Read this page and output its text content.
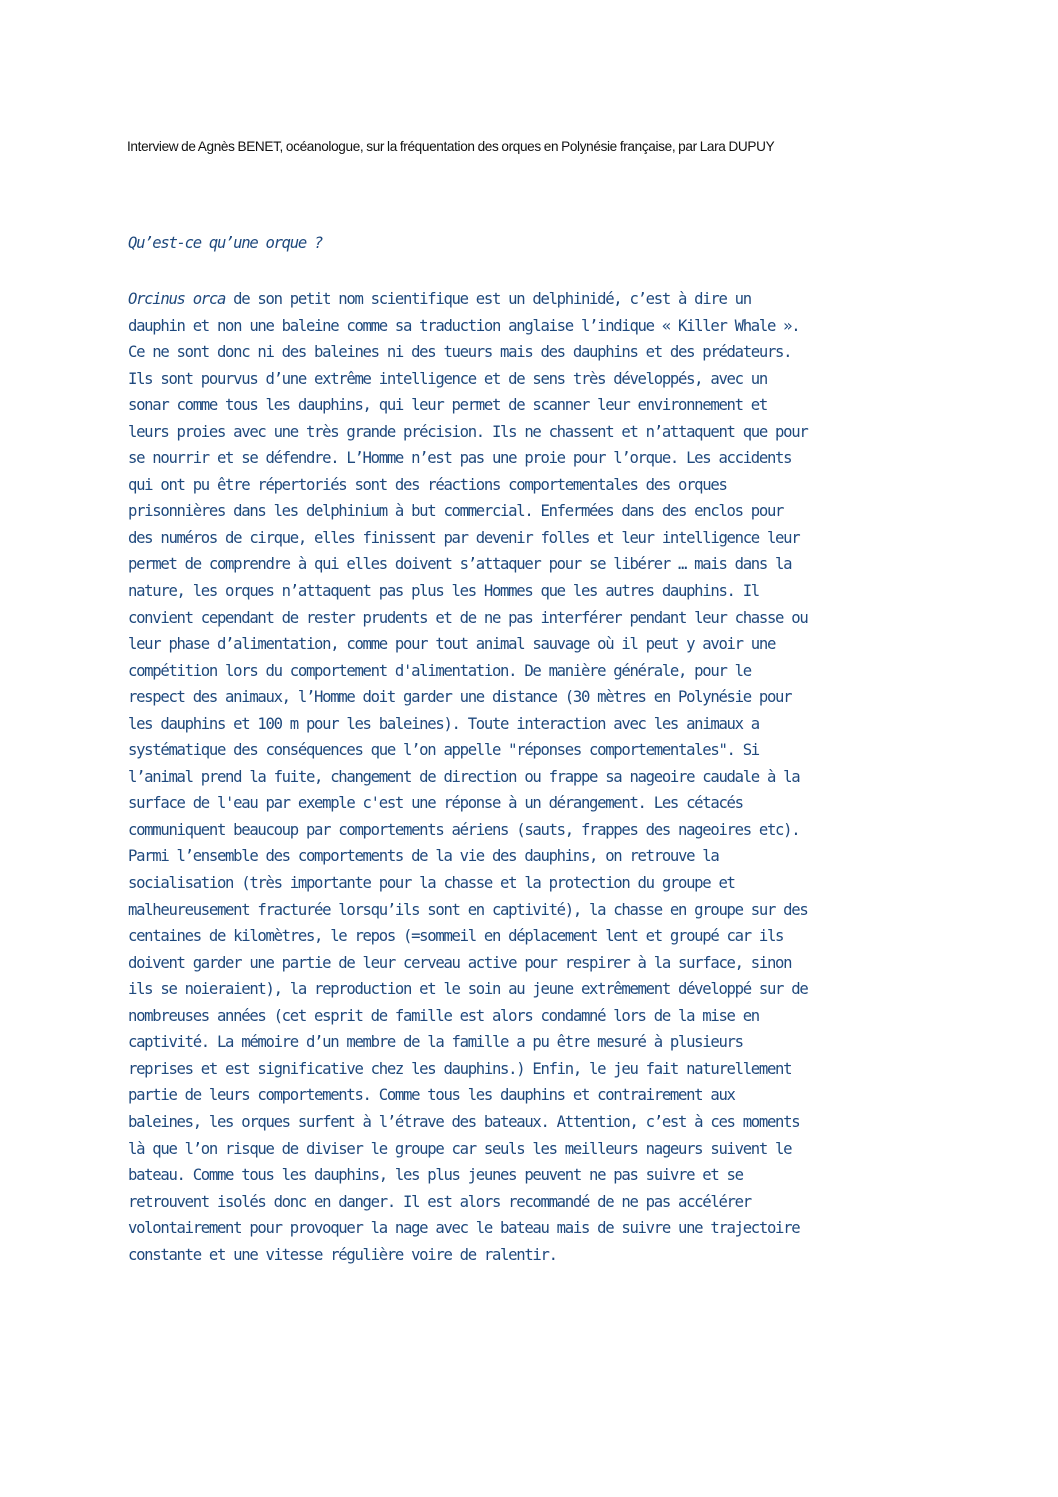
Interview de Agnès BENET, océanologue, sur la fréquentation des orques en Polynésie française, par Lara DUPUY
Qu’est-ce qu’une orque ?
Orcinus orca de son petit nom scientifique est un delphinidé, c’est à dire un
dauphin et non une baleine comme sa traduction anglaise l’indique « Killer Whale ».
Ce ne sont donc ni des baleines ni des tueurs mais des dauphins et des prédateurs.
Ils sont pourvus d’une extrême intelligence et de sens très développés, avec un
sonar comme tous les dauphins, qui leur permet de scanner leur environnement et
leurs proies avec une très grande précision. Ils ne chassent et n’attaquent que pour
se nourrir et se défendre. L’Homme n’est pas une proie pour l’orque. Les accidents
qui ont pu être répertoriés sont des réactions comportementales des orques
prisonnières dans les delphinium à but commercial. Enfermées dans des enclos pour
des numéros de cirque, elles finissent par devenir folles et leur intelligence leur
permet de comprendre à qui elles doivent s’attaquer pour se libérer … mais dans la
nature, les orques n’attaquent pas plus les Hommes que les autres dauphins. Il
convient cependant de rester prudents et de ne pas interférer pendant leur chasse ou
leur phase d’alimentation, comme pour tout animal sauvage où il peut y avoir une
compétition lors du comportement d'alimentation. De manière générale, pour le
respect des animaux, l’Homme doit garder une distance (30 mètres en Polynésie pour
les dauphins et 100 m pour les baleines). Toute interaction avec les animaux a
systématique des conséquences que l’on appelle "réponses comportementales". Si
l’animal prend la fuite, changement de direction ou frappe sa nageoire caudale à la
surface de l'eau par exemple c'est une réponse à un dérangement. Les cétacés
communiquent beaucoup par comportements aériens (sauts, frappes des nageoires etc).
Parmi l’ensemble des comportements de la vie des dauphins, on retrouve la
socialisation (très importante pour la chasse et la protection du groupe et
malheureusement fracturée lorsqu’ils sont en captivité), la chasse en groupe sur des
centaines de kilomètres, le repos (=sommeil en déplacement lent et groupé car ils
doivent garder une partie de leur cerveau active pour respirer à la surface, sinon
ils se noieraient), la reproduction et le soin au jeune extrêmement développé sur de
nombreuses années (cet esprit de famille est alors condamné lors de la mise en
captivité. La mémoire d’un membre de la famille a pu être mesuré à plusieurs
reprises et est significative chez les dauphins.) Enfin, le jeu fait naturellement
partie de leurs comportements. Comme tous les dauphins et contrairement aux
baleines, les orques surfent à l’étrave des bateaux. Attention, c’est à ces moments
là que l’on risque de diviser le groupe car seuls les meilleurs nageurs suivent le
bateau. Comme tous les dauphins, les plus jeunes peuvent ne pas suivre et se
retrouvent isolés donc en danger. Il est alors recommandé de ne pas accélérer
volontairement pour provoquer la nage avec le bateau mais de suivre une trajectoire
constante et une vitesse régulière voire de ralentir.
